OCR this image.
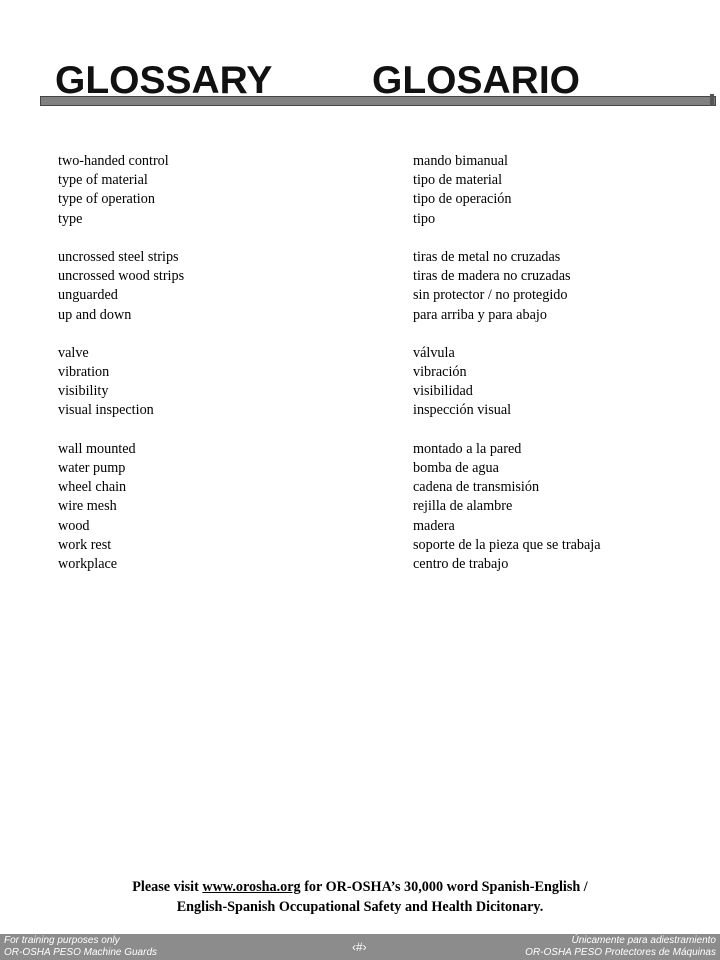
GLOSSARY	GLOSARIO
two-handed control	mando bimanual
type of material	tipo de material
type of operation	tipo de operación
type	tipo
uncrossed steel strips	tiras de metal no cruzadas
uncrossed wood strips	tiras de madera no cruzadas
unguarded	sin protector / no protegido
up and down	para arriba y para abajo
valve	válvula
vibration	vibración
visibility	visibilidad
visual inspection	inspección visual
wall mounted	montado a la pared
water pump	bomba de agua
wheel chain	cadena de transmisión
wire mesh	rejilla de alambre
wood	madera
work rest	soporte de la pieza que se trabaja
workplace	centro de trabajo
Please visit www.orosha.org for OR-OSHA’s 30,000 word Spanish-English /
English-Spanish Occupational Safety and Health Dicitonary.
For training purposes only
OR-OSHA PESO Machine Guards	‹#›	Únicamente para adiestramiento
OR-OSHA PESO Protectores de Máquinas
